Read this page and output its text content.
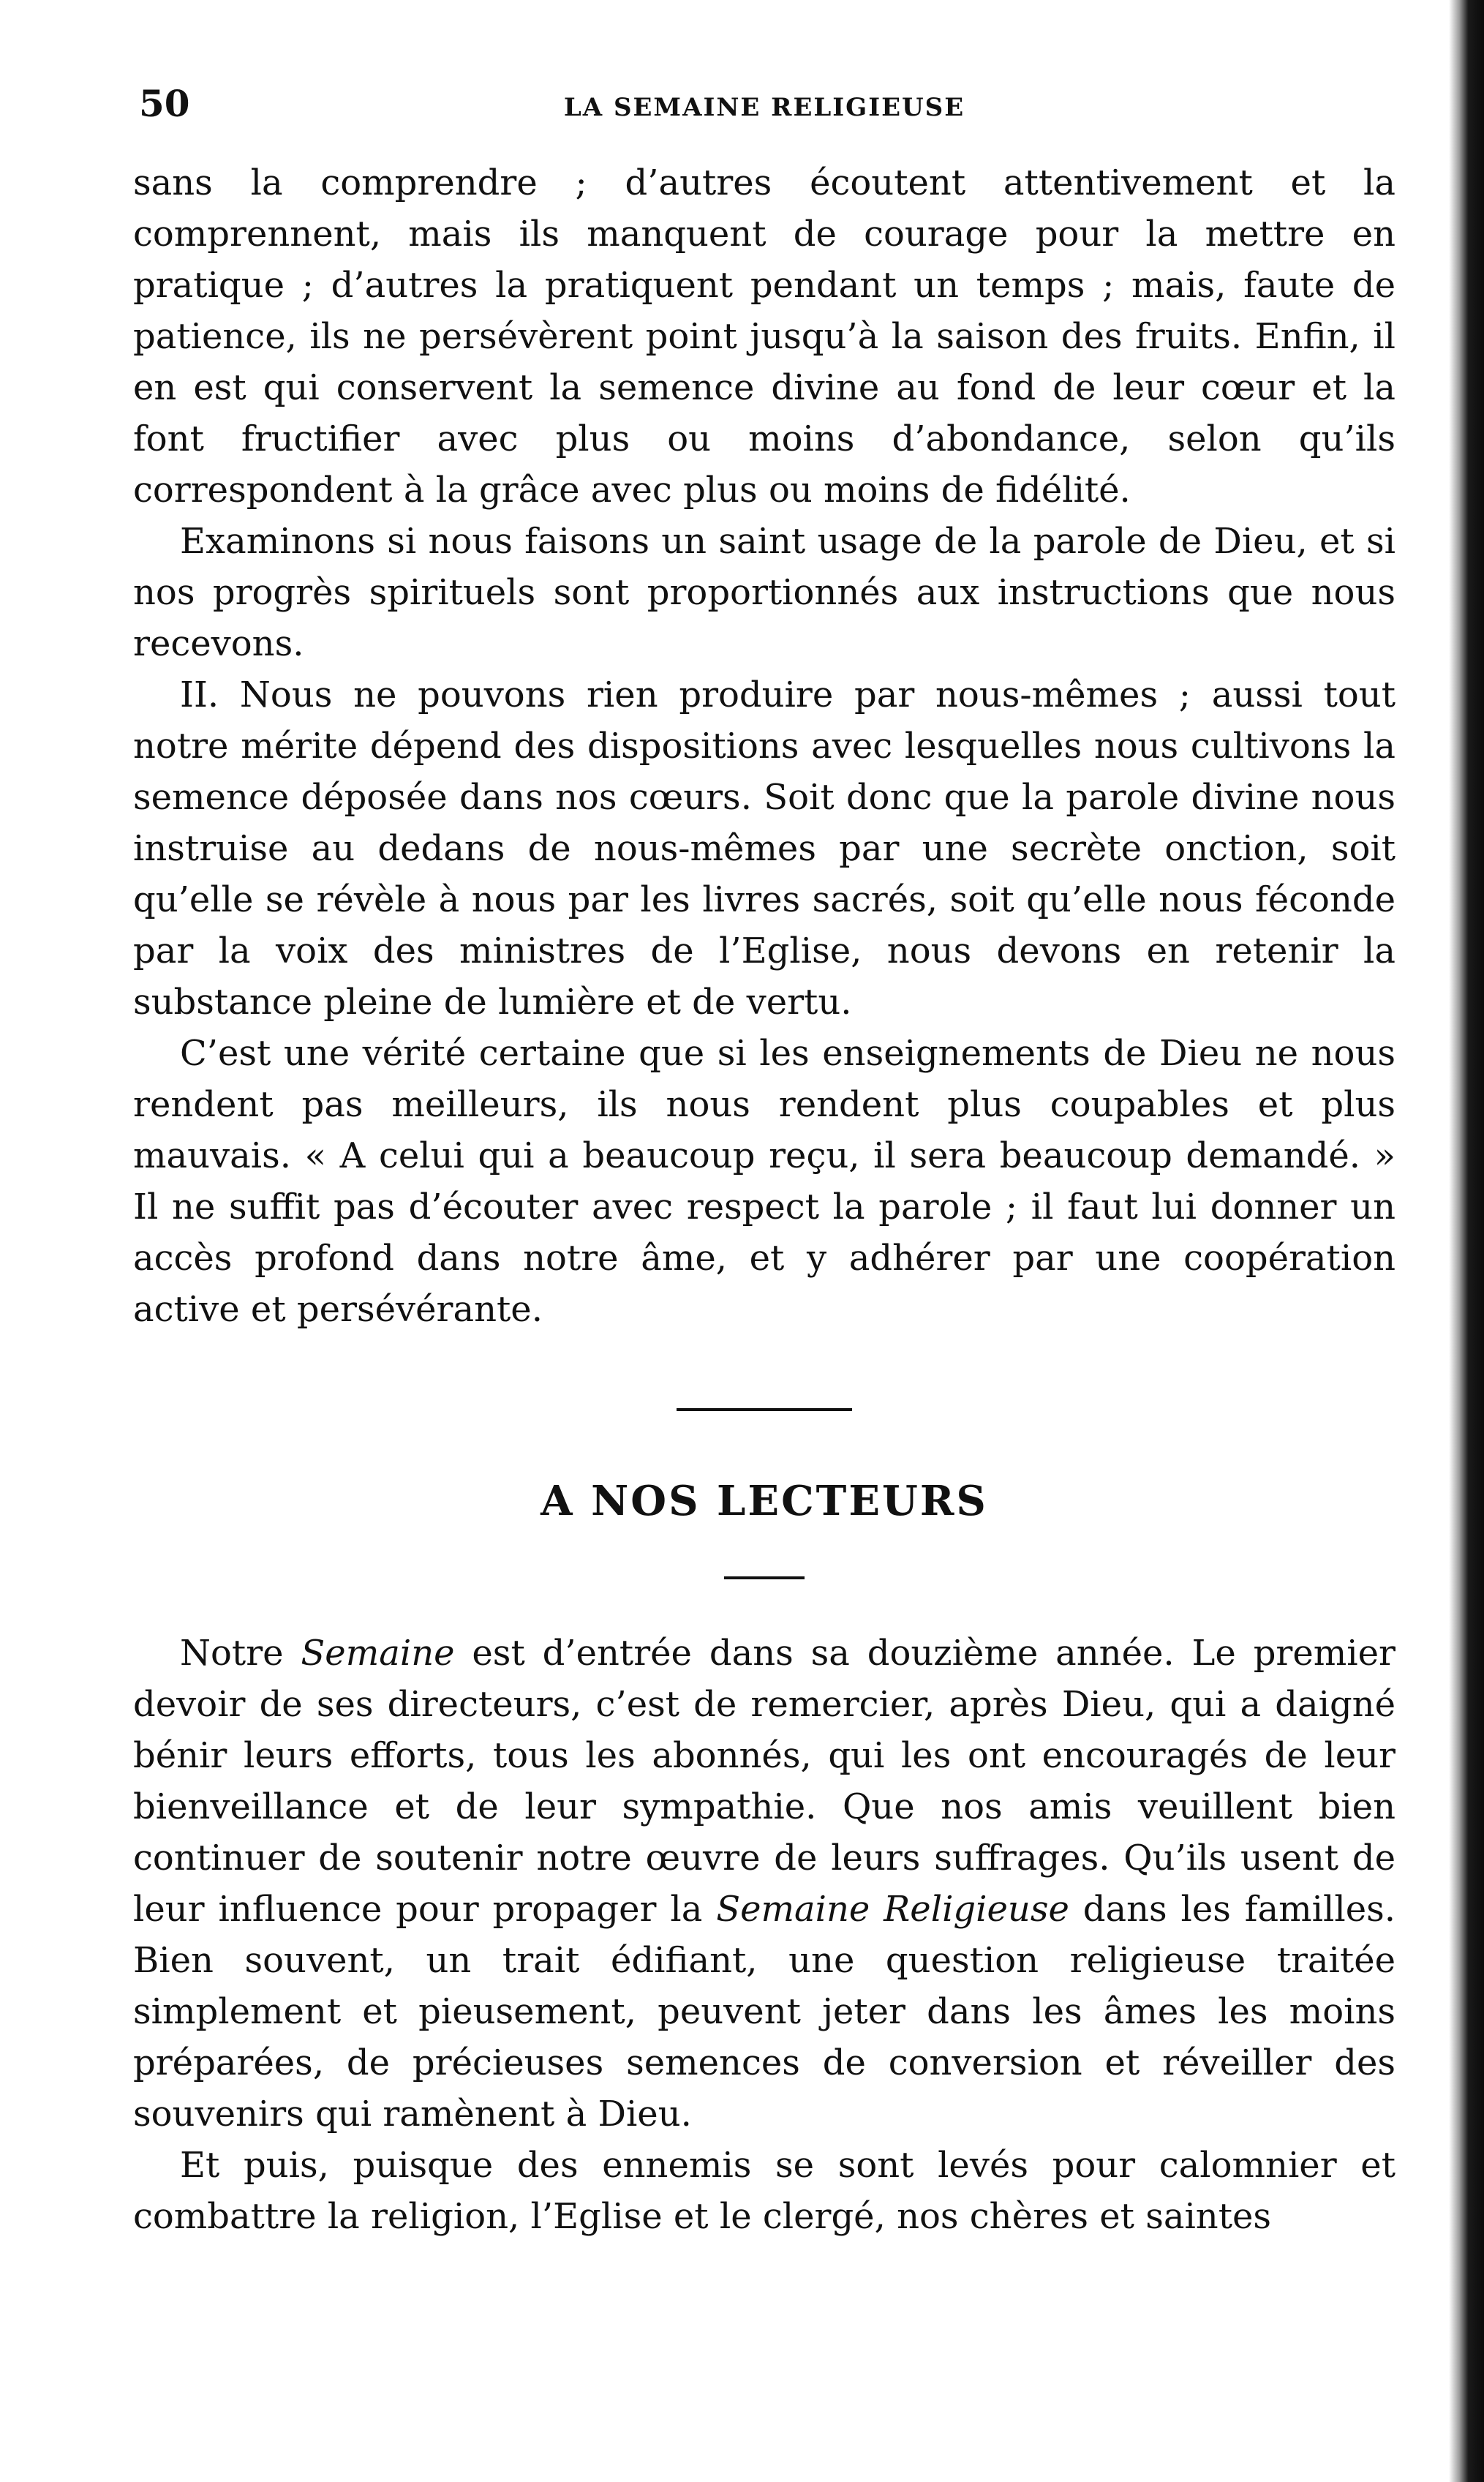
50	LA SEMAINE RELIGIEUSE

sans la comprendre ; d’autres écoutent attentivement et la comprennent, mais ils manquent de courage pour la mettre en pratique ; d’autres la pratiquent pendant un temps ; mais, faute de patience, ils ne persévèrent point jusqu’à la saison des fruits. Enfin, il en est qui conservent la semence divine au fond de leur cœur et la font fructifier avec plus ou moins d’abondance, selon qu’ils correspondent à la grâce avec plus ou moins de fidélité.

Examinons si nous faisons un saint usage de la parole de Dieu, et si nos progrès spirituels sont proportionnés aux instructions que nous recevons.

II. Nous ne pouvons rien produire par nous-mêmes ; aussi tout notre mérite dépend des dispositions avec lesquelles nous cultivons la semence déposée dans nos cœurs. Soit donc que la parole divine nous instruise au dedans de nous-mêmes par une secrète onction, soit qu’elle se révèle à nous par les livres sacrés, soit qu’elle nous féconde par la voix des ministres de l’Eglise, nous devons en retenir la substance pleine de lumière et de vertu.

C’est une vérité certaine que si les enseignements de Dieu ne nous rendent pas meilleurs, ils nous rendent plus coupables et plus mauvais. « A celui qui a beaucoup reçu, il sera beaucoup demandé. » Il ne suffit pas d’écouter avec respect la parole ; il faut lui donner un accès profond dans notre âme, et y adhérer par une coopération active et persévérante.

A NOS LECTEURS

Notre Semaine est d’entrée dans sa douzième année. Le premier devoir de ses directeurs, c’est de remercier, après Dieu, qui a daigné bénir leurs efforts, tous les abonnés, qui les ont encouragés de leur bienveillance et de leur sympathie. Que nos amis veuillent bien continuer de soutenir notre œuvre de leurs suffrages. Qu’ils usent de leur influence pour propager la Semaine Religieuse dans les familles. Bien souvent, un trait édifiant, une question religieuse traitée simplement et pieusement, peuvent jeter dans les âmes les moins préparées, de précieuses semences de conversion et réveiller des souvenirs qui ramènent à Dieu.

Et puis, puisque des ennemis se sont levés pour calomnier et combattre la religion, l’Eglise et le clergé, nos chères et saintes
